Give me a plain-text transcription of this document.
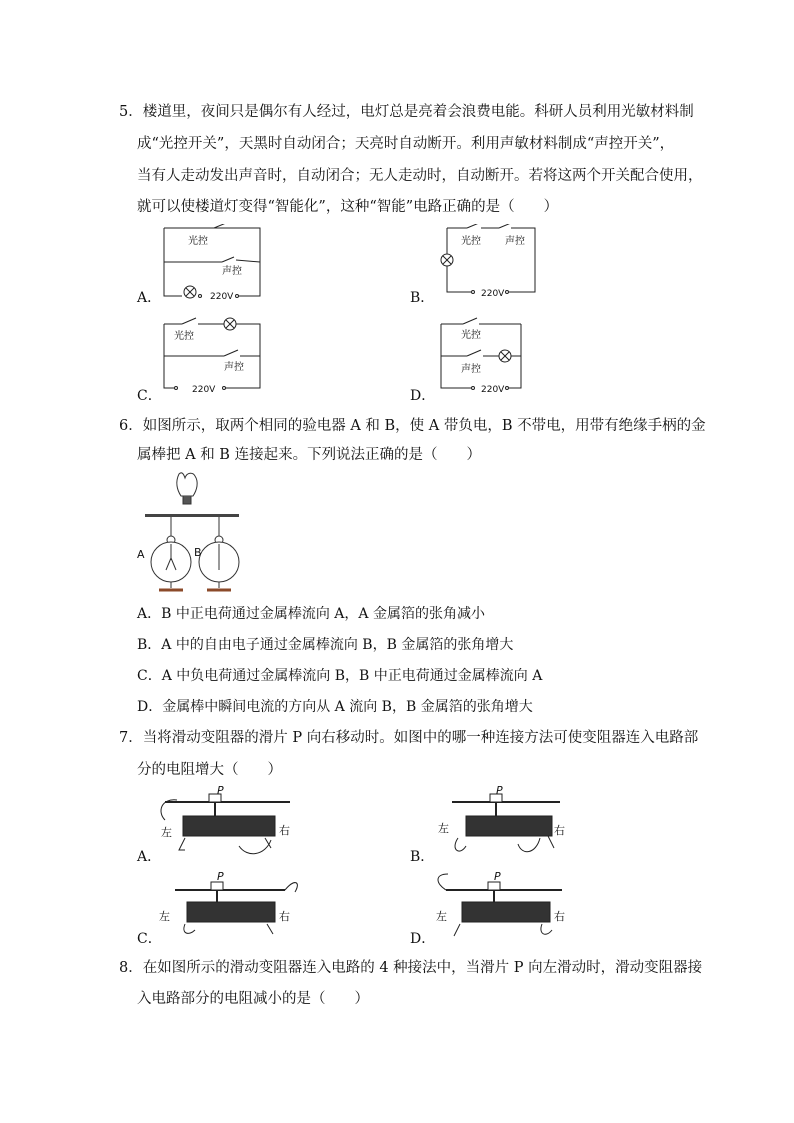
5．楼道里，夜间只是偶尔有人经过，电灯总是亮着会浪费电能。科研人员利用光敏材料制
成“光控开关”，天黑时自动闭合；天亮时自动断开。利用声敏材料制成“声控开关”，
当有人走动发出声音时，自动闭合；无人走动时，自动断开。若将这两个开关配合使用，
就可以使楼道灯变得“智能化”，这种“智能”电路正确的是（　　）
A．
光控
声控
220V	B．
光控 声控
220V
C．
光控
声控
220V	D．
光控
声控
220V
6．如图所示，取两个相同的验电器 A 和 B，使 A 带负电，B 不带电，用带有绝缘手柄的金
属棒把 A 和 B 连接起来。下列说法正确的是（　　）
A	B
A．B 中正电荷通过金属棒流向 A，A 金属箔的张角减小
B．A 中的自由电子通过金属棒流向 B，B 金属箔的张角增大
C．A 中负电荷通过金属棒流向 B，B 中正电荷通过金属棒流向 A
D．金属棒中瞬间电流的方向从 A 流向 B，B 金属箔的张角增大
7．当将滑动变阻器的滑片 P 向右移动时。如图中的哪一种连接方法可使变阻器连入电路部
分的电阻增大（　　）
A．
P
左	右
B．
P
左	右
C．
P
左	右
D．
P
左	右
8．在如图所示的滑动变阻器连入电路的 4 种接法中，当滑片 P 向左滑动时，滑动变阻器接
入电路部分的电阻减小的是（　　）
